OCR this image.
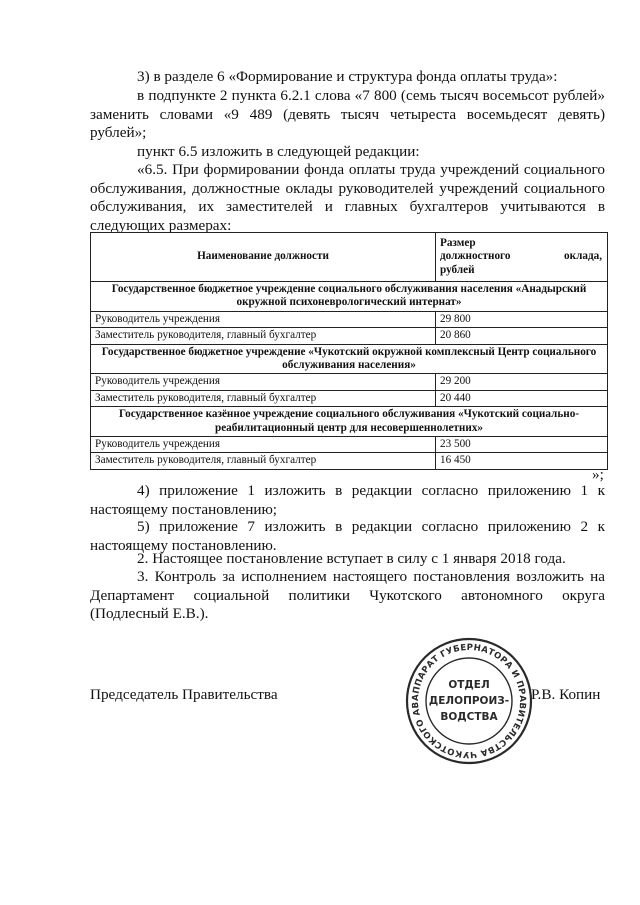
3) в разделе 6 «Формирование и структура фонда оплаты труда»:

в подпункте 2 пункта 6.2.1 слова «7 800 (семь тысяч восемьсот рублей» заменить словами «9 489 (девять тысяч четыреста восемьдесят девять) рублей»;

пункт 6.5 изложить в следующей редакции:

«6.5. При формировании фонда оплаты труда учреждений социального обслуживания, должностные оклады руководителей учреждений социального обслуживания, их заместителей и главных бухгалтеров учитываются в следующих размерах:

Наименование должности	Размер
должностного оклада,
рублей

Государственное бюджетное учреждение социального обслуживания населения «Анадырский окружной психоневрологический интернат»	
Руководитель учреждения	29 800
Заместитель руководителя, главный бухгалтер	20 860
Государственное бюджетное учреждение «Чукотский окружной комплексный Центр социального обслуживания населения»	
Руководитель учреждения	29 200
Заместитель руководителя, главный бухгалтер	20 440
Государственное казённое учреждение социального обслуживания «Чукотский социально-реабилитационный центр для несовершеннолетних»	
Руководитель учреждения	23 500
Заместитель руководителя, главный бухгалтер	16 450
»;

4) приложение 1 изложить в редакции согласно приложению 1 к настоящему постановлению;

5) приложение 7 изложить в редакции согласно приложению 2 к настоящему постановлению.

2. Настоящее постановление вступает в силу с 1 января 2018 года.

3. Контроль за исполнением настоящего постановления возложить на Департамент социальной политики Чукотского автономного округа (Подлесный Е.В.).

Председатель Правительства	АППАРАТ ГУБЕРНАТОРА И ПРАВИТЕЛЬСТВА ЧУКОТСКОГО АВ
ОТДЕЛ
ДЕЛОПРОИЗ-
ВОДСТВА
Р.В. Копин
